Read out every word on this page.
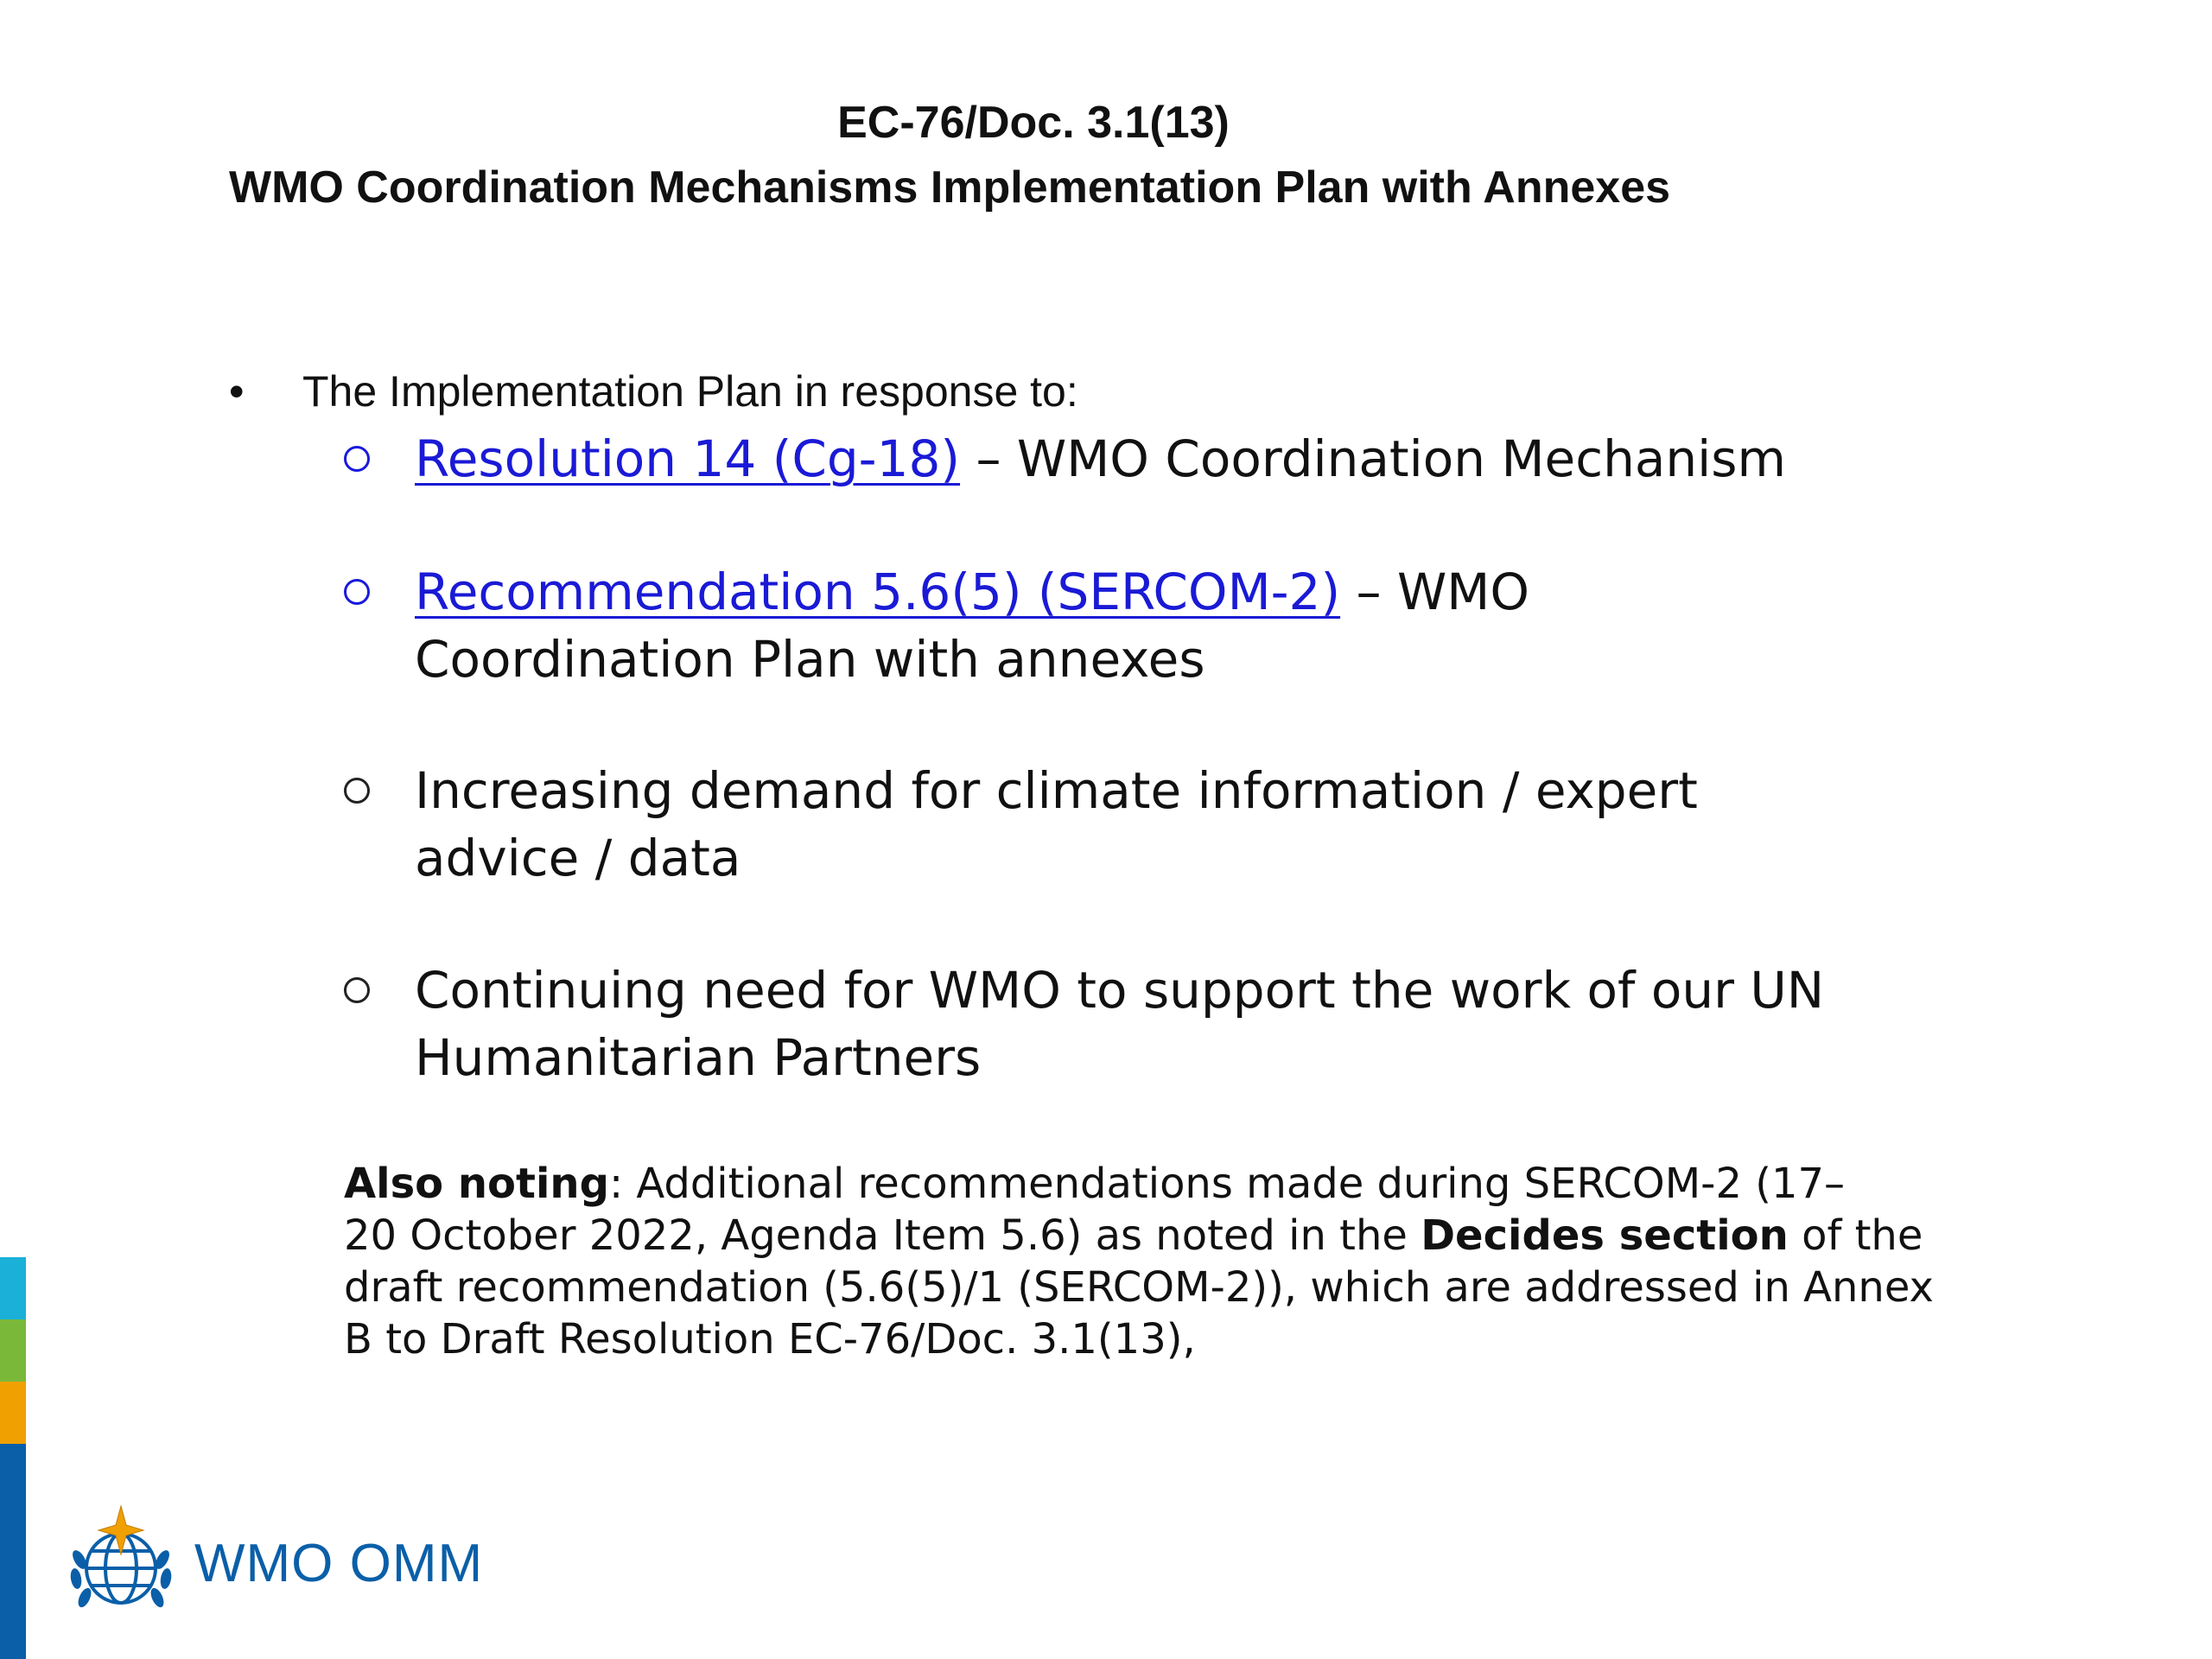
EC-76/Doc. 3.1(13)
WMO Coordination Mechanisms Implementation Plan with Annexes
• The Implementation Plan in response to:
Resolution 14 (Cg-18) – WMO Coordination Mechanism
Recommendation 5.6(5) (SERCOM-2) – WMO
Coordination Plan with annexes
Increasing demand for climate information / expert
advice / data
Continuing need for WMO to support the work of our UN
Humanitarian Partners
Also noting: Additional recommendations made during SERCOM-2 (17–
20 October 2022, Agenda Item 5.6) as noted in the Decides section of the
draft recommendation (5.6(5)/1 (SERCOM-2)), which are addressed in Annex
B to Draft Resolution EC-76/Doc. 3.1(13),
WMO OMM
